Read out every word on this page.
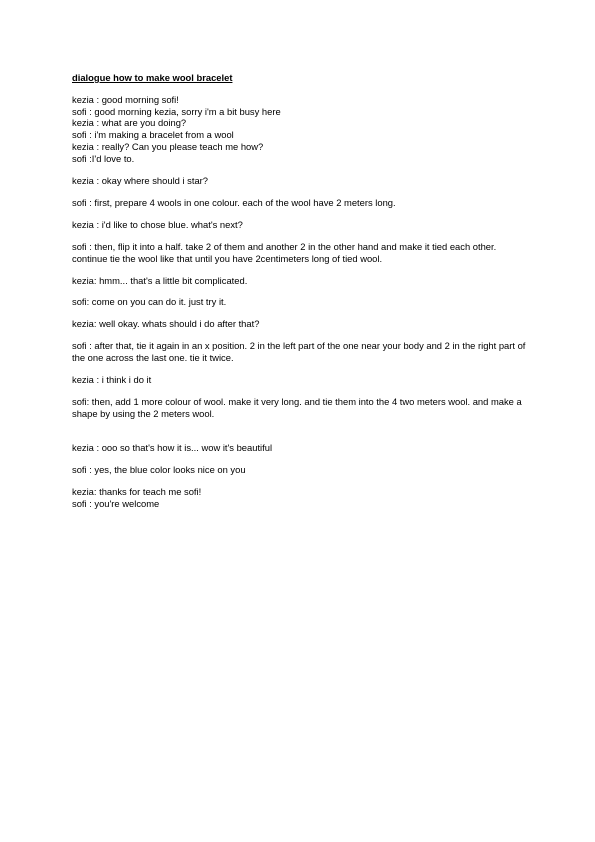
dialogue how to make wool bracelet
kezia : good morning sofi!
sofi : good morning kezia, sorry i'm a bit busy here
kezia : what are you doing?
sofi : i'm making a bracelet from a wool
kezia : really? Can you please teach me how?
sofi :I'd love to.
kezia : okay where should i star?
sofi : first, prepare 4 wools in one colour. each of the wool have 2 meters long.
kezia : i'd like to chose blue. what's next?
sofi : then, flip it into a half. take 2 of them and another 2 in the other hand and make it tied each other. continue tie the wool like that until you have 2centimeters long of tied wool.
kezia: hmm... that's a little bit complicated.
sofi: come on you can do it. just try it.
kezia: well okay. whats should i do after that?
sofi : after that, tie it again in an x position. 2 in the left part of the one near your body and 2 in the right part of the one across the last one. tie it twice.
kezia : i think i do it
sofi: then, add 1 more colour of wool. make it very long. and tie them into the 4 two meters wool. and make a shape by using the 2 meters wool.
kezia : ooo so that's how it is... wow it's beautiful
sofi : yes, the blue color looks nice on you
kezia: thanks for teach me sofi!
sofi : you're welcome
